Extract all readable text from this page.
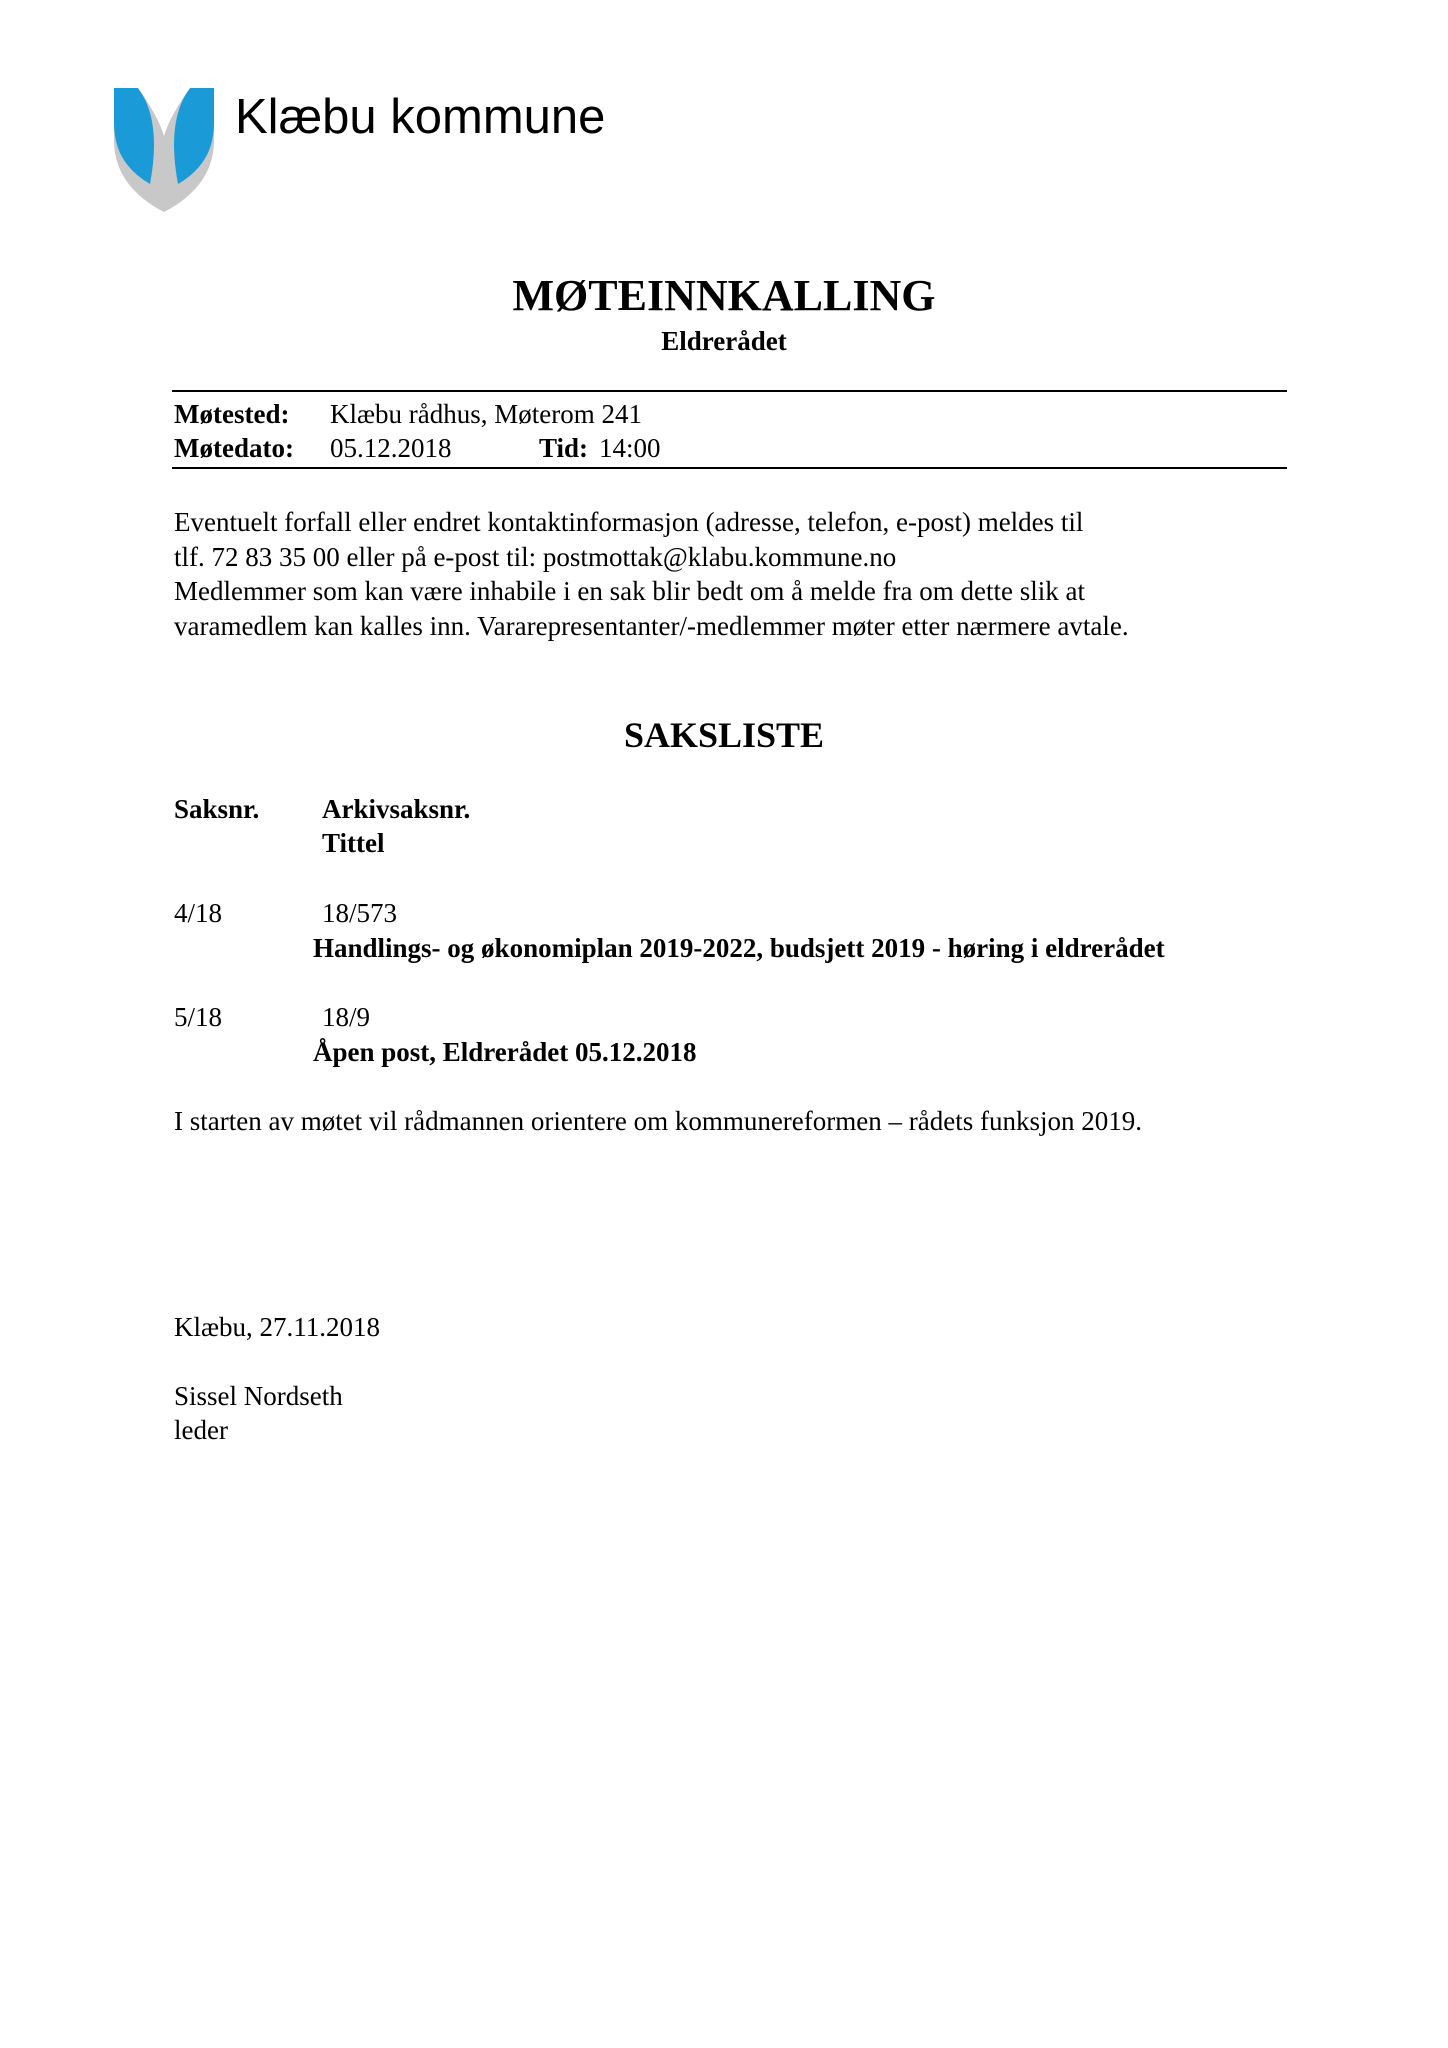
Klæbu kommune
MØTEINNKALLING
Eldrerådet
Møtested: Klæbu rådhus, Møterom 241
Møtedato: 05.12.2018	Tid: 14:00
Eventuelt forfall eller endret kontaktinformasjon (adresse, telefon, e-post) meldes til
tlf. 72 83 35 00 eller på e-post til: postmottak@klabu.kommune.no
Medlemmer som kan være inhabile i en sak blir bedt om å melde fra om dette slik at
varamedlem kan kalles inn. Vararepresentanter/-medlemmer møter etter nærmere avtale.
SAKSLISTE
Saksnr. Arkivsaksnr.
Tittel
4/18	18/573
Handlings- og økonomiplan 2019-2022, budsjett 2019 - høring i eldrerådet
5/18	18/9
Åpen post, Eldrerådet 05.12.2018
I starten av møtet vil rådmannen orientere om kommunereformen – rådets funksjon 2019.
Klæbu, 27.11.2018
Sissel Nordseth
leder
